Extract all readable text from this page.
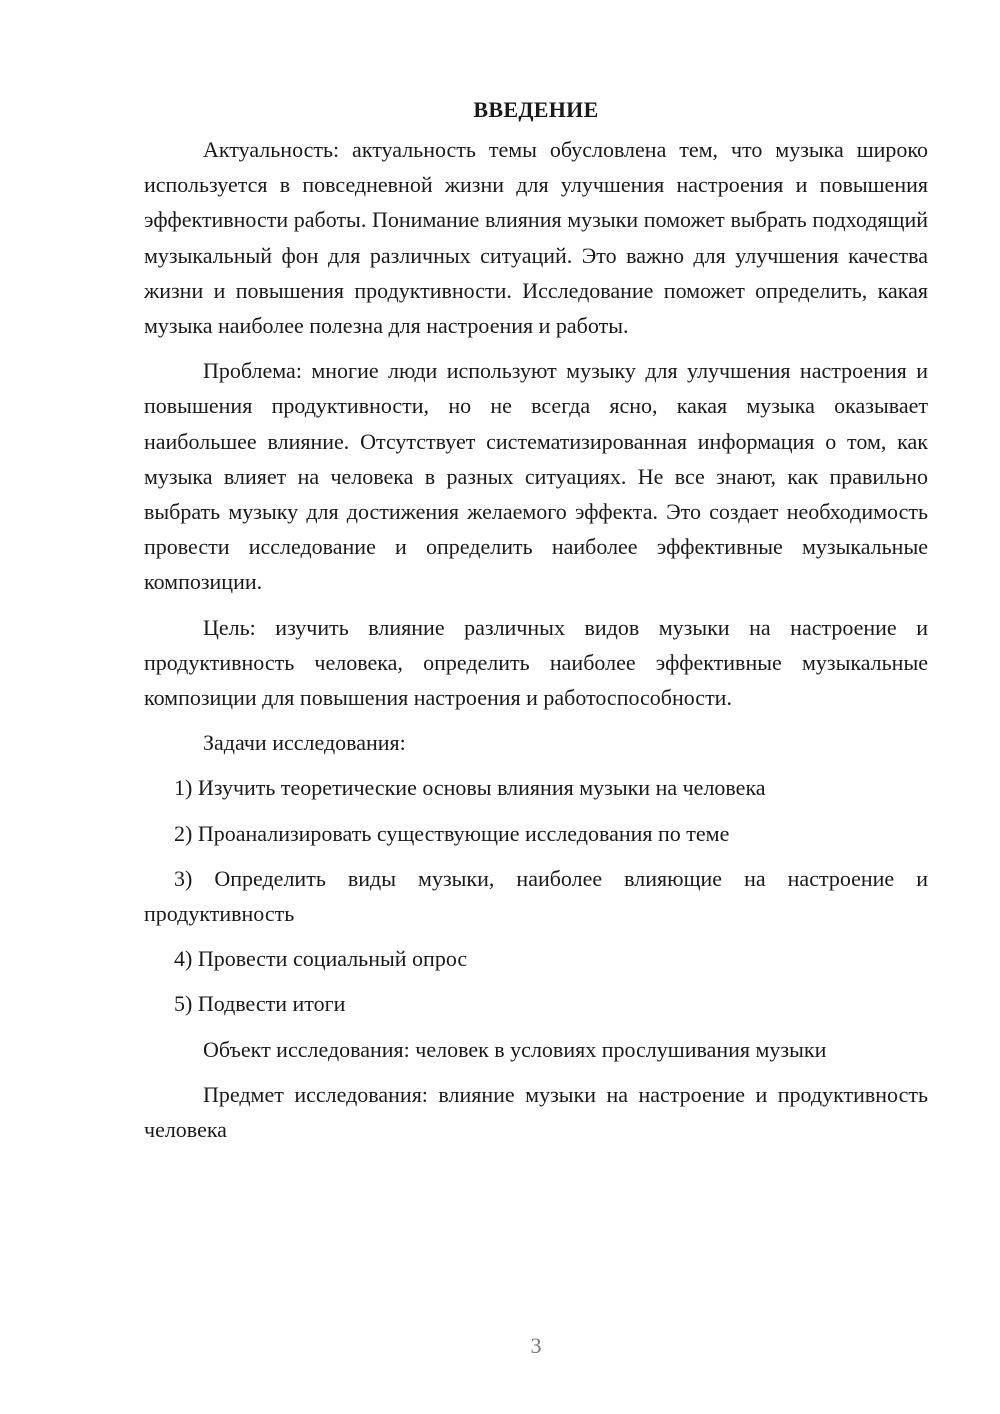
ВВЕДЕНИЕ

Актуальность: актуальность темы обусловлена тем, что музыка широко используется в повседневной жизни для улучшения настроения и повышения эффективности работы. Понимание влияния музыки поможет выбрать подходящий музыкальный фон для различных ситуаций. Это важно для улучшения качества жизни и повышения продуктивности. Исследование поможет определить, какая музыка наиболее полезна для настроения и работы.

Проблема: многие люди используют музыку для улучшения настроения и повышения продуктивности, но не всегда ясно, какая музыка оказывает наибольшее влияние. Отсутствует систематизированная информация о том, как музыка влияет на человека в разных ситуациях. Не все знают, как правильно выбрать музыку для достижения желаемого эффекта. Это создает необходимость провести исследование и определить наиболее эффективные музыкальные композиции.

Цель: изучить влияние различных видов музыки на настроение и продуктивность человека, определить наиболее эффективные музыкальные композиции для повышения настроения и работоспособности.

Задачи исследования:

1) Изучить теоретические основы влияния музыки на человека

2) Проанализировать существующие исследования по теме

3) Определить виды музыки, наиболее влияющие на настроение и продуктивность

4) Провести социальный опрос

5) Подвести итоги

Объект исследования: человек в условиях прослушивания музыки

Предмет исследования: влияние музыки на настроение и продуктивность человека

3
